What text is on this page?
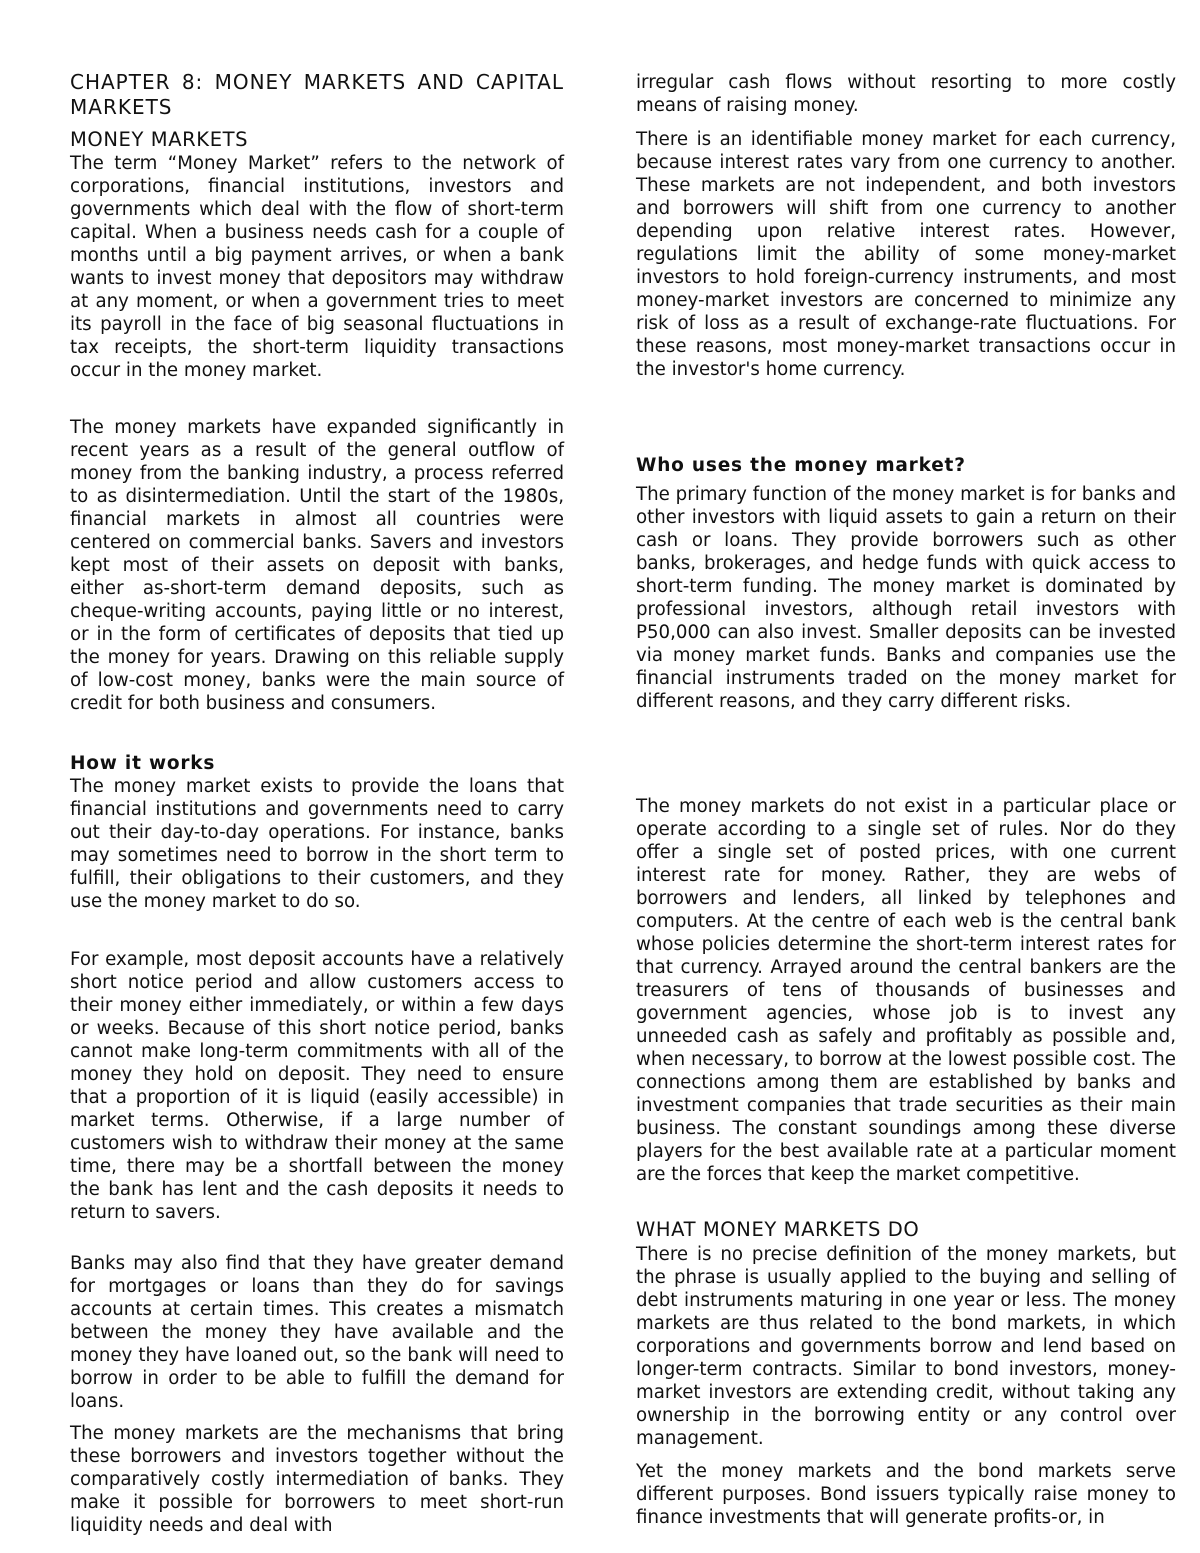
CHAPTER 8: MONEY MARKETS AND CAPITAL MARKETS
MONEY MARKETS

The term “Money Market” refers to the network of corporations, financial institutions, investors and governments which deal with the flow of short-term capital. When a business needs cash for a couple of months until a big payment arrives, or when a bank wants to invest money that depositors may withdraw at any moment, or when a government tries to meet its payroll in the face of big seasonal fluctuations in tax receipts, the short-term liquidity transactions occur in the money market.

The money markets have expanded significantly in recent years as a result of the general outflow of money from the banking industry, a process referred to as disintermediation. Until the start of the 1980s, financial markets in almost all countries were centered on commercial banks. Savers and investors kept most of their assets on deposit with banks, either as-short-term demand deposits, such as cheque-writing accounts, paying little or no interest, or in the form of certificates of deposits that tied up the money for years. Drawing on this reliable supply of low-cost money, banks were the main source of credit for both business and consumers.

How it works

The money market exists to provide the loans that financial institutions and governments need to carry out their day-to-day operations. For instance, banks may sometimes need to borrow in the short term to fulfill, their obligations to their customers, and they use the money market to do so.

For example, most deposit accounts have a relatively short notice period and allow customers access to their money either immediately, or within a few days or weeks. Because of this short notice period, banks cannot make long-term commitments with all of the money they hold on deposit. They need to ensure that a proportion of it is liquid (easily accessible) in market terms. Otherwise, if a large number of customers wish to withdraw their money at the same time, there may be a shortfall between the money the bank has lent and the cash deposits it needs to return to savers.

Banks may also find that they have greater demand for mortgages or loans than they do for savings accounts at certain times. This creates a mismatch between the money they have available and the money they have loaned out, so the bank will need to borrow in order to be able to fulfill the demand for loans.

The money markets are the mechanisms that bring these borrowers and investors together without the comparatively costly intermediation of banks. They make it possible for borrowers to meet short-run liquidity needs and deal with

irregular cash flows without resorting to more costly means of raising money.

There is an identifiable money market for each currency, because interest rates vary from one currency to another. These markets are not independent, and both investors and borrowers will shift from one currency to another depending upon relative interest rates. However, regulations limit the ability of some money-market investors to hold foreign-currency instruments, and most money-market investors are concerned to minimize any risk of loss as a result of exchange-rate fluctuations. For these reasons, most money-market transactions occur in the investor's home currency.

Who uses the money market?

The primary function of the money market is for banks and other investors with liquid assets to gain a return on their cash or loans. They provide borrowers such as other banks, brokerages, and hedge funds with quick access to short-term funding. The money market is dominated by professional investors, although retail investors with P50,000 can also invest. Smaller deposits can be invested via money market funds. Banks and companies use the financial instruments traded on the money market for different reasons, and they carry different risks.

The money markets do not exist in a particular place or operate according to a single set of rules. Nor do they offer a single set of posted prices, with one current interest rate for money. Rather, they are webs of borrowers and lenders, all linked by telephones and computers. At the centre of each web is the central bank whose policies determine the short-term interest rates for that currency. Arrayed around the central bankers are the treasurers of tens of thousands of businesses and government agencies, whose job is to invest any unneeded cash as safely and profitably as possible and, when necessary, to borrow at the lowest possible cost. The connections among them are established by banks and investment companies that trade securities as their main business. The constant soundings among these diverse players for the best available rate at a particular moment are the forces that keep the market competitive.

WHAT MONEY MARKETS DO

There is no precise definition of the money markets, but the phrase is usually applied to the buying and selling of debt instruments maturing in one year or less. The money markets are thus related to the bond markets, in which corporations and governments borrow and lend based on longer-term contracts. Similar to bond investors, money-market investors are extending credit, without taking any ownership in the borrowing entity or any control over management.

Yet the money markets and the bond markets serve different purposes. Bond issuers typically raise money to finance investments that will generate profits-or, in
